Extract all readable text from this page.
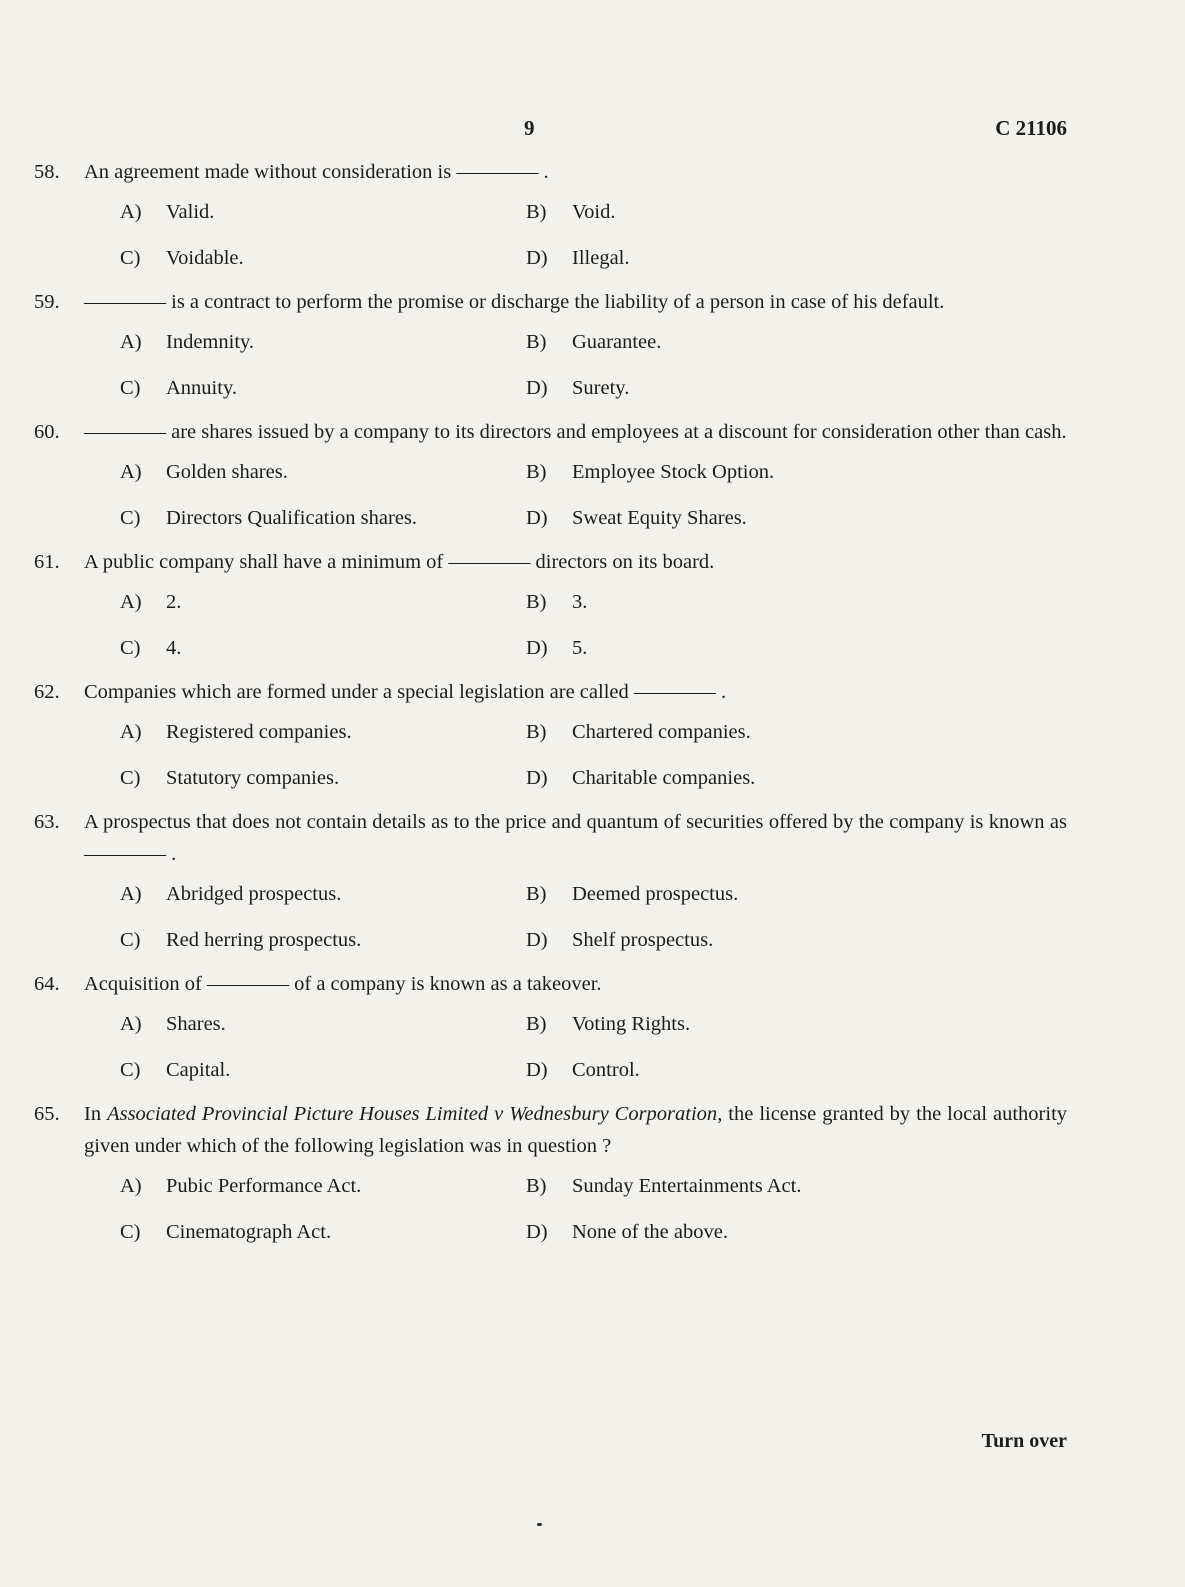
9	C 21106
58. An agreement made without consideration is ———— .
A)	Valid.	B)	Void.
C)	Voidable.	D)	Illegal.
59. ———— is a contract to perform the promise or discharge the liability of a person in case of his default.
A)	Indemnity.	B)	Guarantee.
C)	Annuity.	D)	Surety.
60. ———— are shares issued by a company to its directors and employees at a discount for consideration other than cash.
A)	Golden shares.	B)	Employee Stock Option.
C)	Directors Qualification shares.	D)	Sweat Equity Shares.
61. A public company shall have a minimum of ———— directors on its board.
A)	2.	B)	3.
C)	4.	D)	5.
62. Companies which are formed under a special legislation are called ———— .
A)	Registered companies.	B)	Chartered companies.
C)	Statutory companies.	D)	Charitable companies.
63. A prospectus that does not contain details as to the price and quantum of securities offered by the company is known as ———— .
A)	Abridged prospectus.	B)	Deemed prospectus.
C)	Red herring prospectus.	D)	Shelf prospectus.
64. Acquisition of ———— of a company is known as a takeover.
A)	Shares.	B)	Voting Rights.
C)	Capital.	D)	Control.
65. In Associated Provincial Picture Houses Limited v Wednesbury Corporation, the license granted by the local authority given under which of the following legislation was in question ?
A)	Pubic Performance Act.	B)	Sunday Entertainments Act.
C)	Cinematograph Act.	D)	None of the above.
Turn over
